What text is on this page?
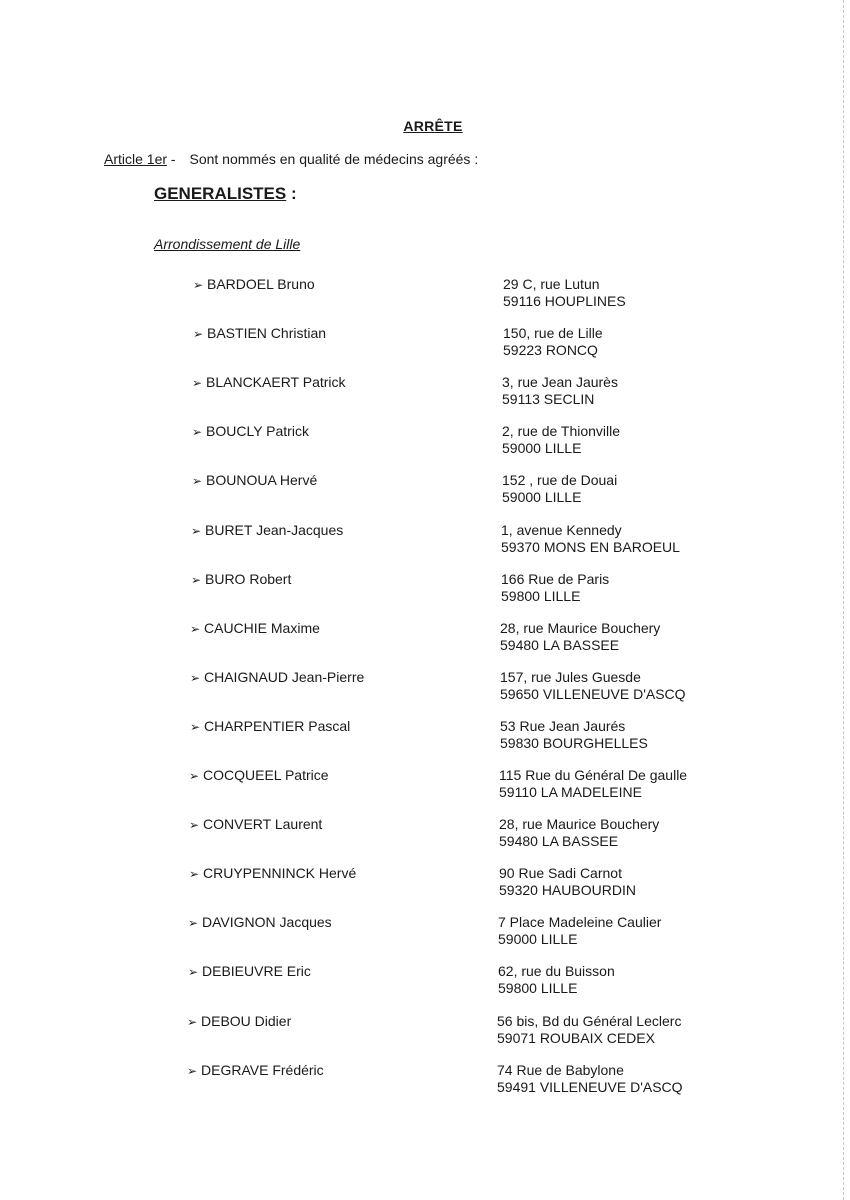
ARRÊTE
Article 1er - Sont nommés en qualité de médecins agréés :
GENERALISTES :
Arrondissement de Lille
➢ BARDOEL Bruno	29 C, rue Lutun
59116 HOUPLINES
➢ BASTIEN Christian	150, rue de Lille
59223 RONCQ
➢ BLANCKAERT Patrick	3, rue Jean Jaurès
59113 SECLIN
➢ BOUCLY Patrick	2, rue de Thionville
59000 LILLE
➢ BOUNOUA Hervé	152 , rue de Douai
59000 LILLE
➢ BURET Jean-Jacques	1, avenue Kennedy
59370 MONS EN BAROEUL
➢ BURO Robert	166 Rue de Paris
59800 LILLE
➢ CAUCHIE Maxime	28, rue Maurice Bouchery
59480 LA BASSEE
➢ CHAIGNAUD Jean-Pierre	157, rue Jules Guesde
59650 VILLENEUVE D'ASCQ
➢ CHARPENTIER Pascal	53 Rue Jean Jaurés
59830 BOURGHELLES
➢ COCQUEEL Patrice	115 Rue du Général De gaulle
59110 LA MADELEINE
➢ CONVERT Laurent	28, rue Maurice Bouchery
59480 LA BASSEE
➢ CRUYPENNINCK Hervé	90 Rue Sadi Carnot
59320 HAUBOURDIN
➢ DAVIGNON Jacques	7 Place Madeleine Caulier
59000 LILLE
➢ DEBIEUVRE Eric	62, rue du Buisson
59800 LILLE
➢ DEBOU Didier	56 bis, Bd du Général Leclerc
59071 ROUBAIX CEDEX
➢ DEGRAVE Frédéric	74 Rue de Babylone
59491 VILLENEUVE D'ASCQ
